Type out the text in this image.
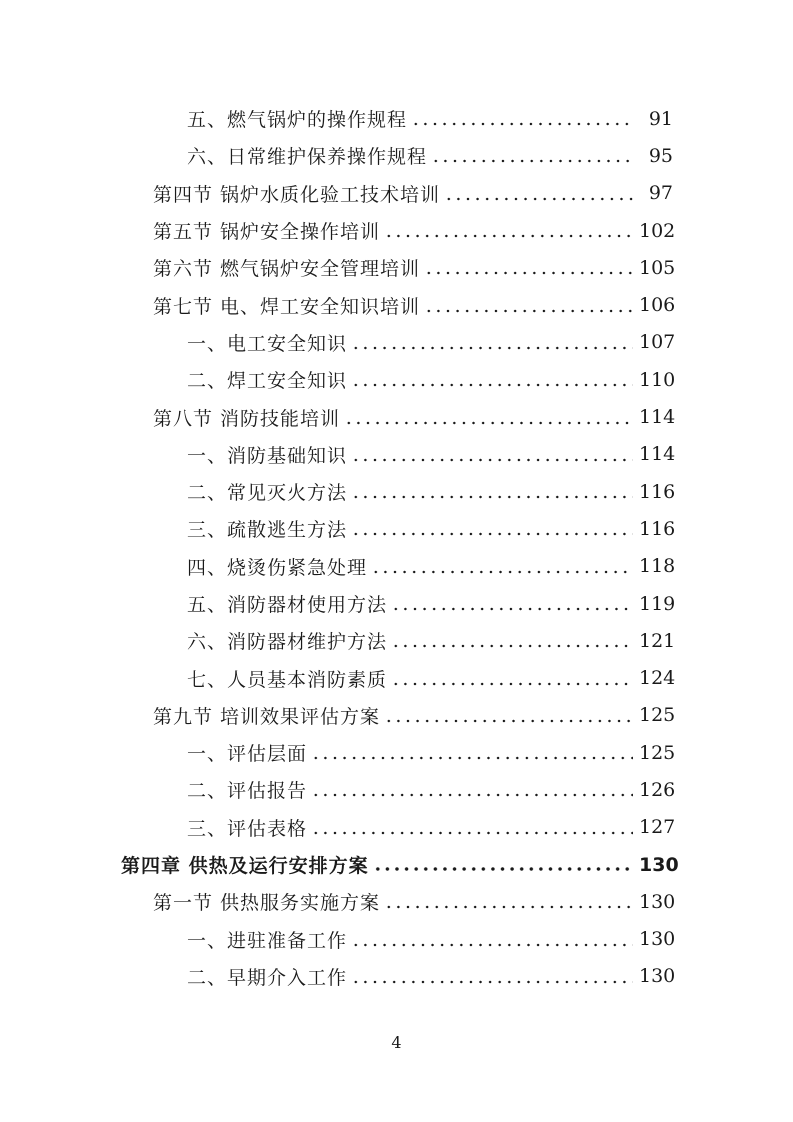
五、燃气锅炉的操作规程	91
六、日常维护保养操作规程	95
第四节 锅炉水质化验工技术培训	97
第五节 锅炉安全操作培训	102
第六节 燃气锅炉安全管理培训	105
第七节 电、焊工安全知识培训	106
一、电工安全知识	107
二、焊工安全知识	110
第八节 消防技能培训	114
一、消防基础知识	114
二、常见灭火方法	116
三、疏散逃生方法	116
四、烧烫伤紧急处理	118
五、消防器材使用方法	119
六、消防器材维护方法	121
七、人员基本消防素质	124
第九节 培训效果评估方案	125
一、评估层面	125
二、评估报告	126
三、评估表格	127
第四章 供热及运行安排方案	130
第一节 供热服务实施方案	130
一、进驻准备工作	130
二、早期介入工作	130
4
